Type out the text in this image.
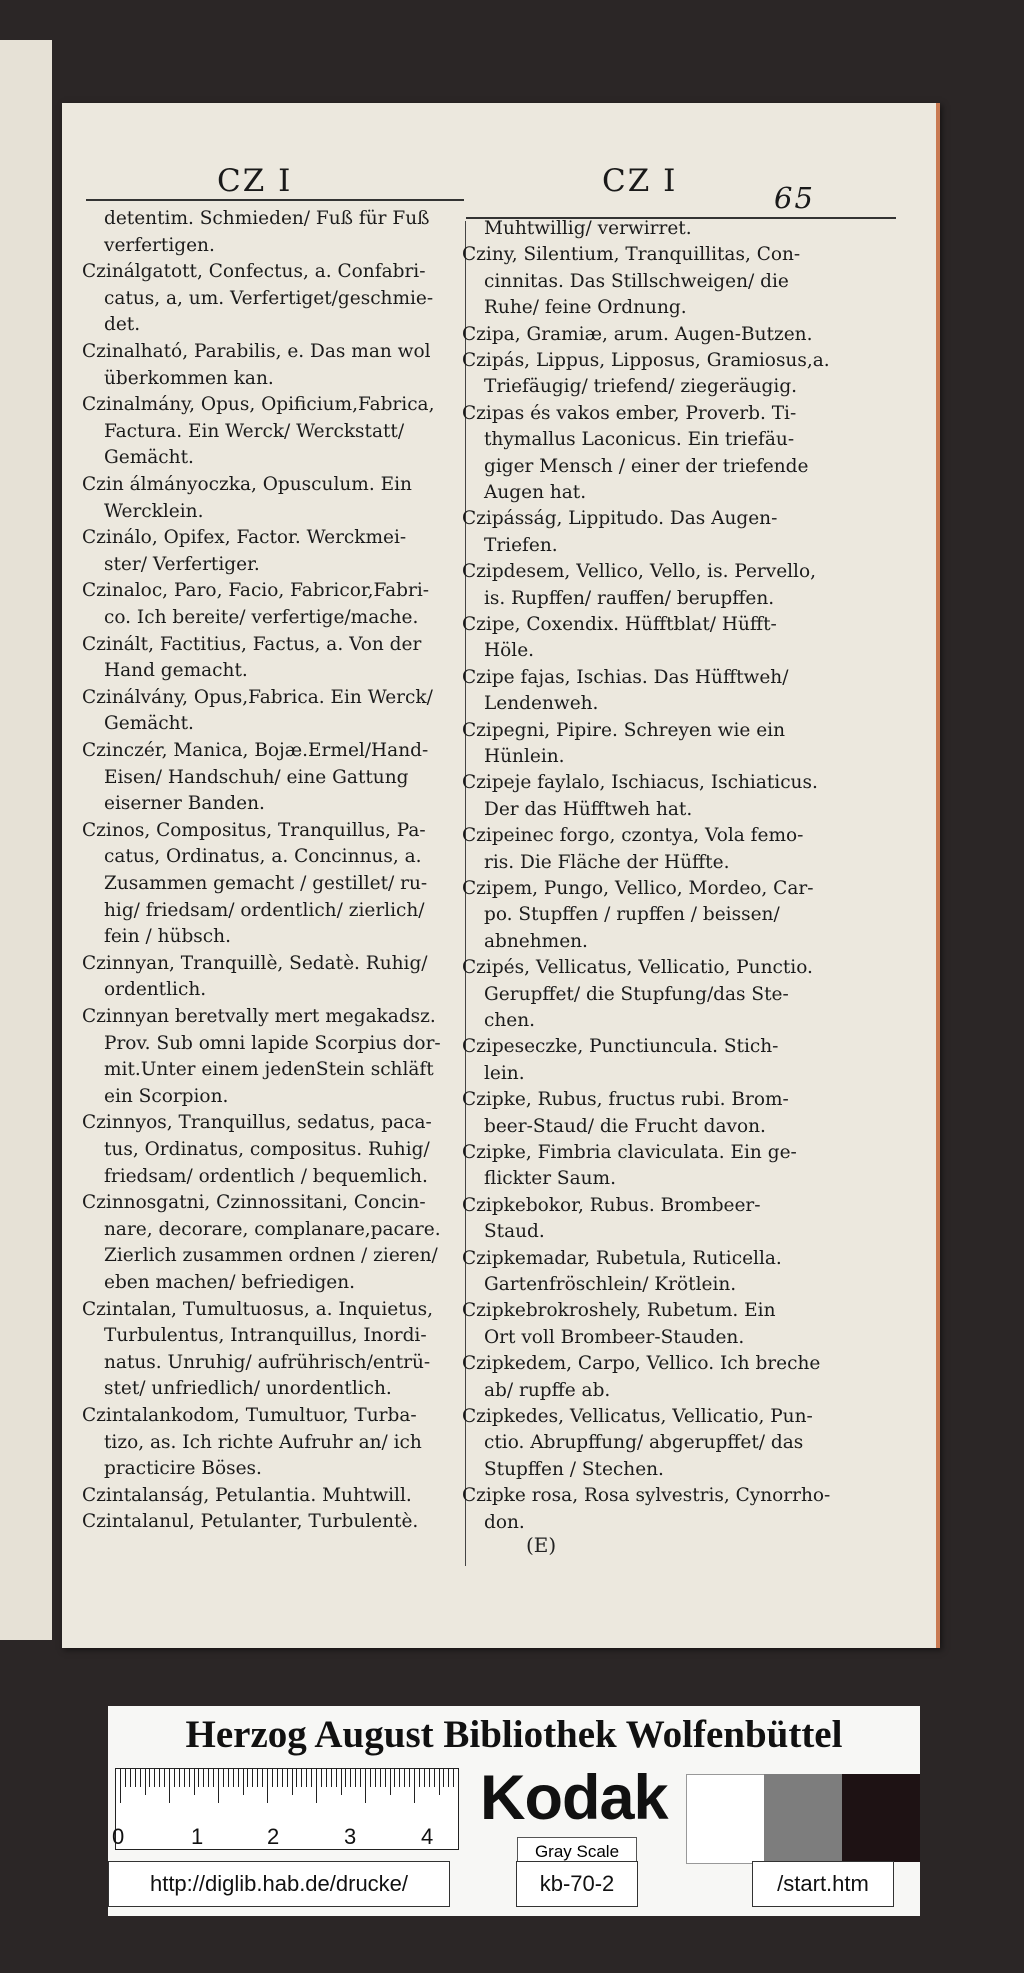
CZ I	CZ I	65
detentim. Schmieden/ Fuß für Fuß
verfertigen.
Czinálgatott, Confectus, a. Confabri-
catus, a, um. Verfertiget/geschmie-
det.
Czinalható, Parabilis, e. Das man wol
überkommen kan.
Czinalmány, Opus, Opificium,Fabrica,
Factura. Ein Werck/ Werckstatt/
Gemächt.
Czin álmányoczka, Opusculum. Ein
Wercklein.
Czinálo, Opifex, Factor. Werckmei-
ster/ Verfertiger.
Czinaloc, Paro, Facio, Fabricor,Fabri-
co. Ich bereite/ verfertige/mache.
Czinált, Factitius, Factus, a. Von der
Hand gemacht.
Czinálvány, Opus,Fabrica. Ein Werck/
Gemächt.
Czinczér, Manica, Bojæ.Ermel/Hand-
Eisen/ Handschuh/ eine Gattung
eiserner Banden.
Czinos, Compositus, Tranquillus, Pa-
catus, Ordinatus, a. Concinnus, a.
Zusammen gemacht / gestillet/ ru-
hig/ friedsam/ ordentlich/ zierlich/
fein / hübsch.
Czinnyan, Tranquillè, Sedatè. Ruhig/
ordentlich.
Czinnyan beretvally mert megakadsz.
Prov. Sub omni lapide Scorpius dor-
mit.Unter einem jedenStein schläft
ein Scorpion.
Czinnyos, Tranquillus, sedatus, paca-
tus, Ordinatus, compositus. Ruhig/
friedsam/ ordentlich / bequemlich.
Czinnosgatni, Czinnossitani, Concin-
nare, decorare, complanare,pacare.
Zierlich zusammen ordnen / zieren/
eben machen/ befriedigen.
Czintalan, Tumultuosus, a. Inquietus,
Turbulentus, Intranquillus, Inordi-
natus. Unruhig/ aufrührisch/entrü-
stet/ unfriedlich/ unordentlich.
Czintalankodom, Tumultuor, Turba-
tizo, as. Ich richte Aufruhr an/ ich
practicire Böses.
Czintalanság, Petulantia. Muhtwill.
Czintalanul, Petulanter, Turbulentè.
Muhtwillig/ verwirret.
Cziny, Silentium, Tranquillitas, Con-
cinnitas. Das Stillschweigen/ die
Ruhe/ feine Ordnung.
Czipa, Gramiæ, arum. Augen-Butzen.
Czipás, Lippus, Lipposus, Gramiosus,a.
Triefäugig/ triefend/ ziegeräugig.
Czipas és vakos ember, Proverb. Ti-
thymallus Laconicus. Ein triefäu-
giger Mensch / einer der triefende
Augen hat.
Czipásság, Lippitudo. Das Augen-
Triefen.
Czipdesem, Vellico, Vello, is. Pervello,
is. Rupffen/ rauffen/ berupffen.
Czipe, Coxendix. Hüfftblat/ Hüfft-
Höle.
Czipe fajas, Ischias. Das Hüfftweh/
Lendenweh.
Czipegni, Pipire. Schreyen wie ein
Hünlein.
Czipeje faylalo, Ischiacus, Ischiaticus.
Der das Hüfftweh hat.
Czipeinec forgo, czontya, Vola femo-
ris. Die Fläche der Hüffte.
Czipem, Pungo, Vellico, Mordeo, Car-
po. Stupffen / rupffen / beissen/
abnehmen.
Czipés, Vellicatus, Vellicatio, Punctio.
Gerupffet/ die Stupfung/das Ste-
chen.
Czipeseczke, Punctiuncula. Stich-
lein.
Czipke, Rubus, fructus rubi. Brom-
beer-Staud/ die Frucht davon.
Czipke, Fimbria claviculata. Ein ge-
flickter Saum.
Czipkebokor, Rubus. Brombeer-
Staud.
Czipkemadar, Rubetula, Ruticella.
Gartenfröschlein/ Krötlein.
Czipkebrokroshely, Rubetum. Ein
Ort voll Brombeer-Stauden.
Czipkedem, Carpo, Vellico. Ich breche
ab/ rupffe ab.
Czipkedes, Vellicatus, Vellicatio, Pun-
ctio. Abrupffung/ abgerupffet/ das
Stupffen / Stechen.
Czipke rosa, Rosa sylvestris, Cynorrho-
don.
(E)
Herzog August Bibliothek Wolfenbüttel
0	1	2	3	4
Kodak
Gray Scale
http://diglib.hab.de/drucke/	kb-70-2	/start.htm
